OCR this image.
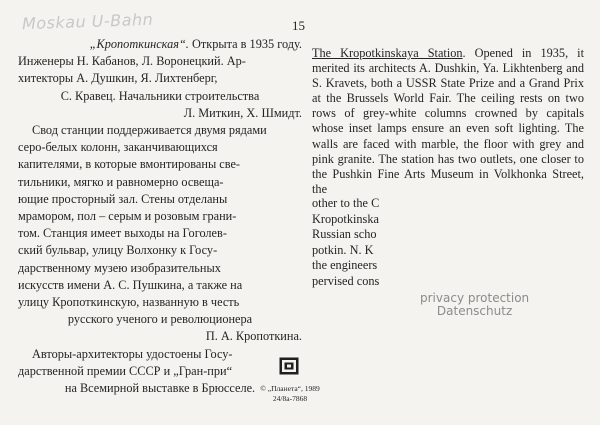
Moskau U-Bahn	15

„Кропоткинская“. Открыта в 1935 году.

Инженеры Н. Кабанов, Л. Воронецкий. Ар-

хитекторы А. Душкин, Я. Лихтенберг,

С. Кравец. Начальники строительства

Л. Миткин, Х. Шмидт.

Свод станции поддерживается двумя рядами

серо-белых колонн, заканчивающихся

капителями, в которые вмонтированы све-

тильники, мягко и равномерно освеща-

ющие просторный зал. Стены отделаны

мрамором, пол – серым и розовым грани-

том. Станция имеет выходы на Гоголев-

ский бульвар, улицу Волхонку к Госу-

дарственному музею изобразительных

искусств имени А. С. Пушкина, а также на

улицу Кропоткинскую, названную в честь

русского ученого и революционера

П. А. Кропоткина.

Авторы-архитекторы удостоены Госу-

дарственной премии СССР и „Гран-при“

на Всемирной выставке в Брюсселе.

The Kropotkinskaya Station. Opened in 1935, it merited its architects A. Dushkin, Ya. Likhtenberg and S. Kravets, both a USSR State Prize and a Grand Prix at the Brussels World Fair. The ceiling rests on two rows of grey-white columns crowned by capitals whose inset lamps ensure an even soft lighting. The walls are faced with marble, the floor with grey and pink granite. The station has two outlets, one closer to the Pushkin Fine Arts Museum in Volkhonka Street, the
other to the C
Kropotkinska
Russian scho
potkin. N. K
the engineers
pervised cons
privacy protection
Datenschutz
© „Планета“, 1989
24/8а-7868
